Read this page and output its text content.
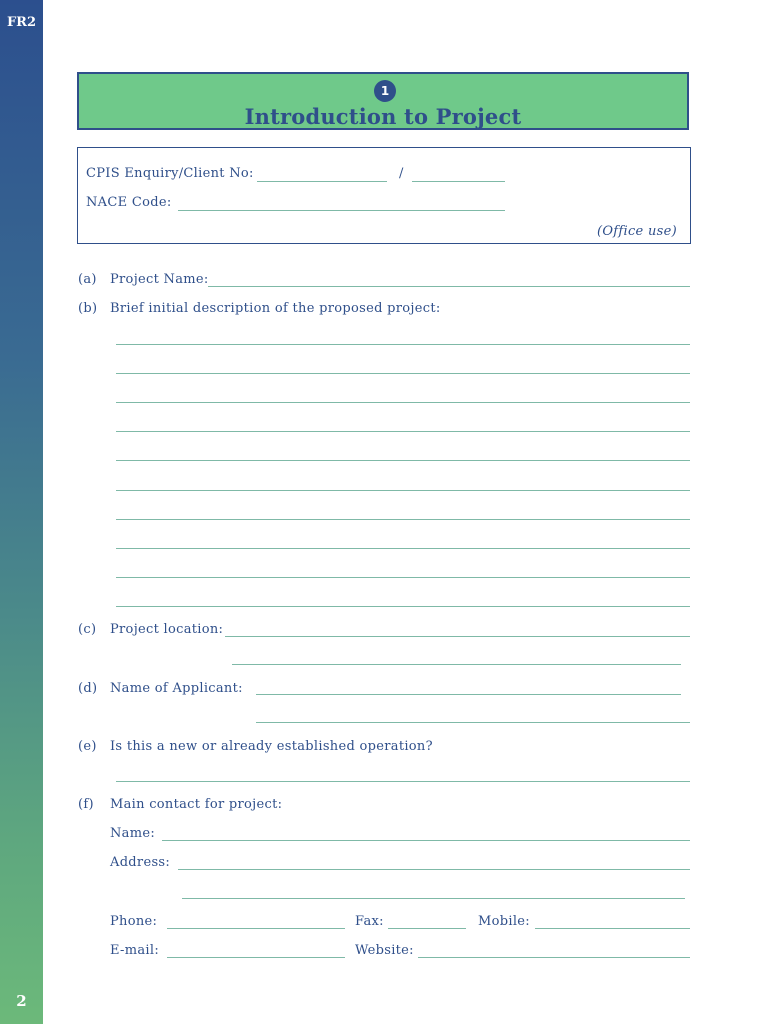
FR2
2
1
Introduction to Project
CPIS Enquiry/Client No:	/
NACE Code:
(Office use)
(a) Project Name:
(b) Brief initial description of the proposed project:
(c) Project location:
(d) Name of Applicant:
(e) Is this a new or already established operation?
(f) Main contact for project:
Name:
Address:
Phone:	Fax:	Mobile:
E-mail:	Website:
